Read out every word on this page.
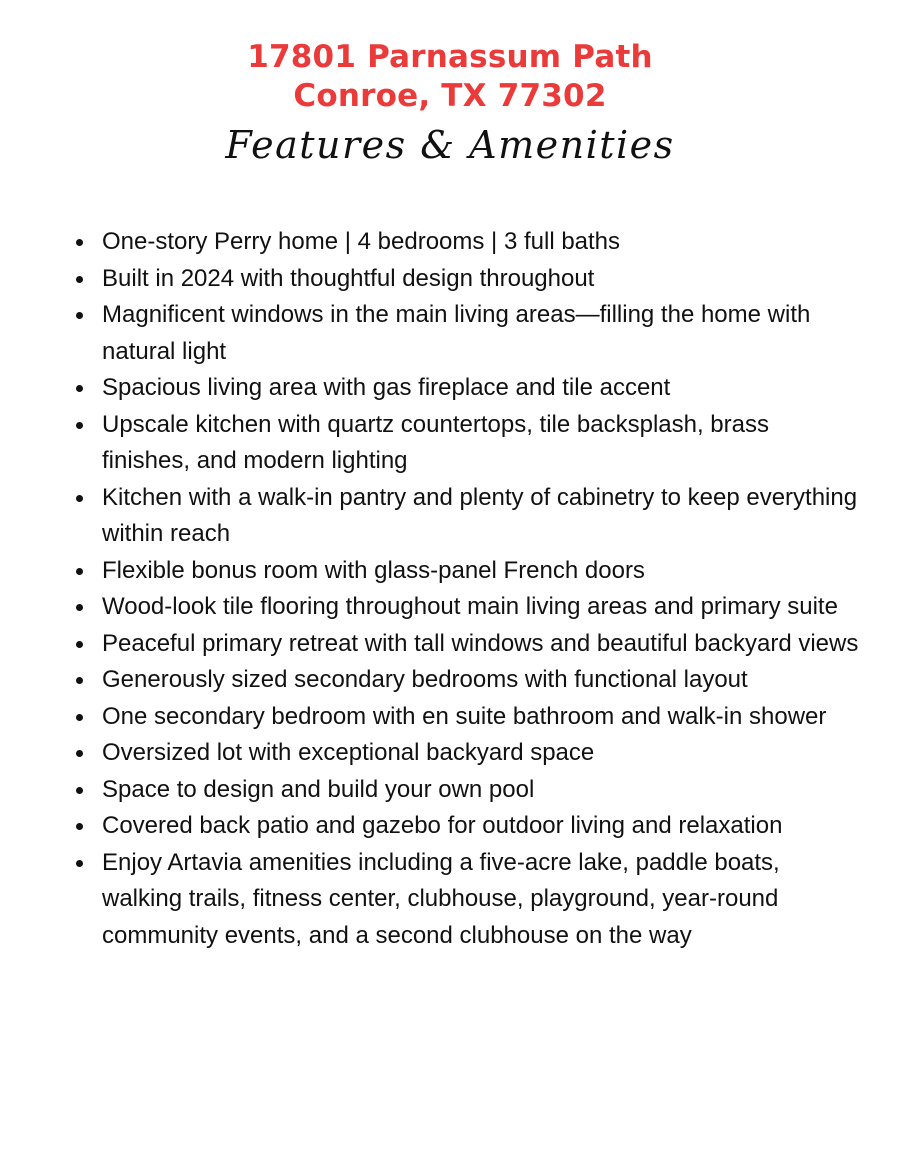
17801 Parnassum Path
Conroe, TX 77302
Features & Amenities
One-story Perry home | 4 bedrooms | 3 full baths
Built in 2024 with thoughtful design throughout
Magnificent windows in the main living areas—filling the home with natural light
Spacious living area with gas fireplace and tile accent
Upscale kitchen with quartz countertops, tile backsplash, brass finishes, and modern lighting
Kitchen with a walk-in pantry and plenty of cabinetry to keep everything within reach
Flexible bonus room with glass-panel French doors
Wood-look tile flooring throughout main living areas and primary suite
Peaceful primary retreat with tall windows and beautiful backyard views
Generously sized secondary bedrooms with functional layout
One secondary bedroom with en suite bathroom and walk-in shower
Oversized lot with exceptional backyard space
Space to design and build your own pool
Covered back patio and gazebo for outdoor living and relaxation
Enjoy Artavia amenities including a five-acre lake, paddle boats, walking trails, fitness center, clubhouse, playground, year-round community events, and a second clubhouse on the way
